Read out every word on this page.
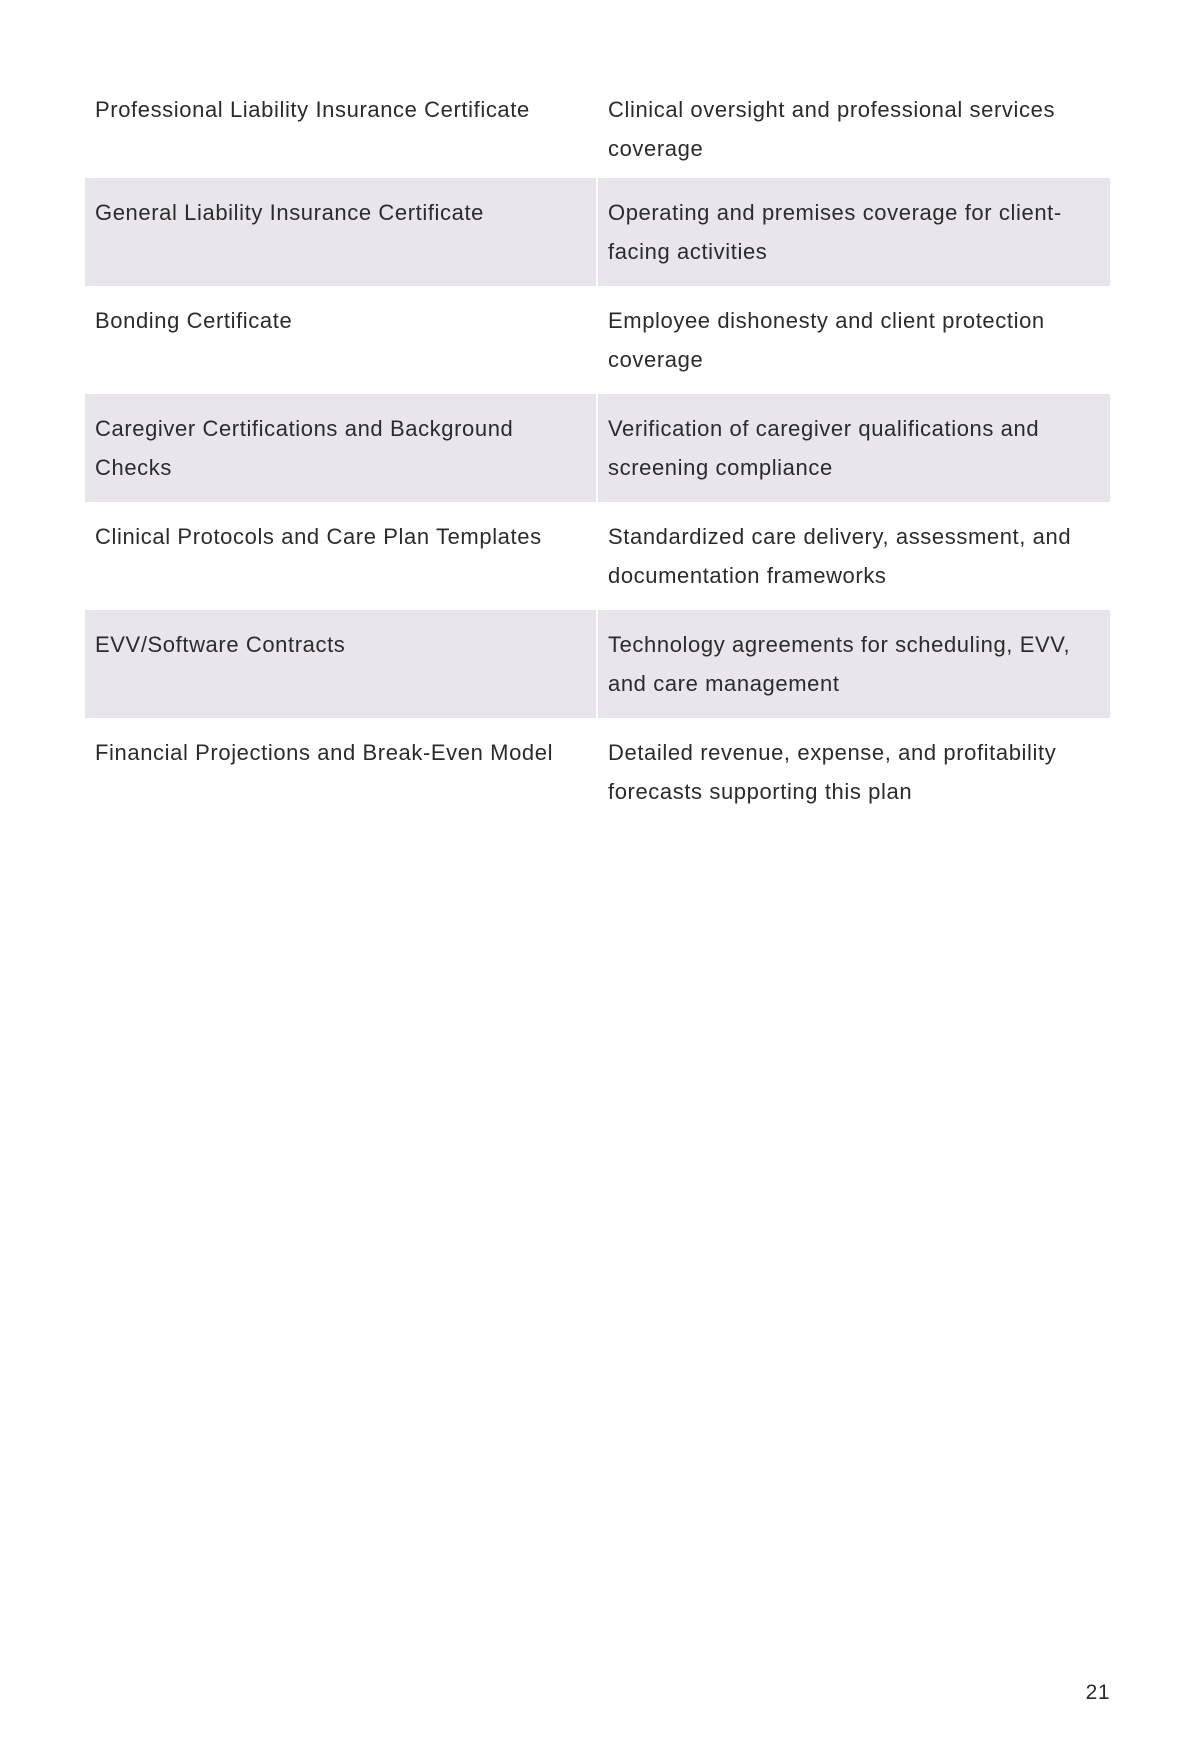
Professional Liability Insurance Certificate	Clinical oversight and professional services coverage
General Liability Insurance Certificate	Operating and premises coverage for client-facing activities
Bonding Certificate	Employee dishonesty and client protection coverage
Caregiver Certifications and Background Checks	Verification of caregiver qualifications and screening compliance
Clinical Protocols and Care Plan Templates	Standardized care delivery, assessment, and documentation frameworks
EVV/Software Contracts	Technology agreements for scheduling, EVV, and care management
Financial Projections and Break-Even Model	Detailed revenue, expense, and profitability forecasts supporting this plan
21
